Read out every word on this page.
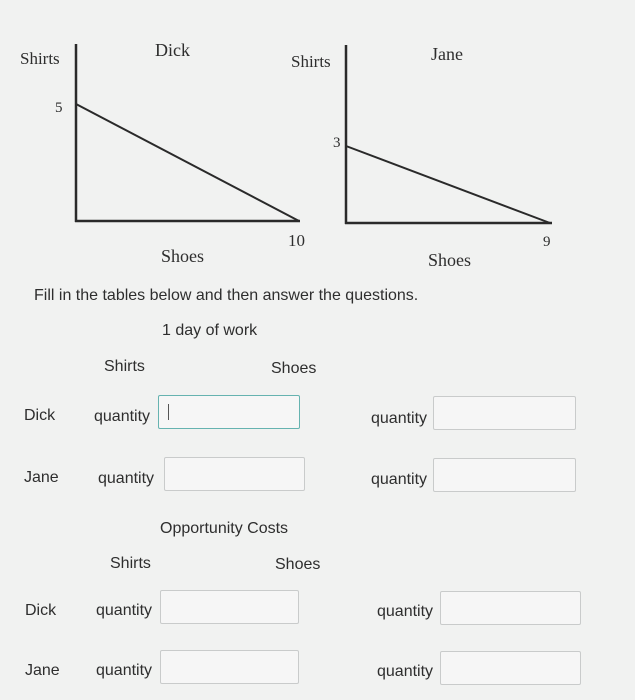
Shirts	Dick
5
10
Shoes
Shirts	Jane
3
9
Shoes
Fill in the tables below and then answer the questions.
1 day of work
Shirts	Shoes
Dick quantity	quantity
Jane quantity	quantity
Opportunity Costs
Shirts	Shoes
Dick quantity	quantity
Jane quantity	quantity
